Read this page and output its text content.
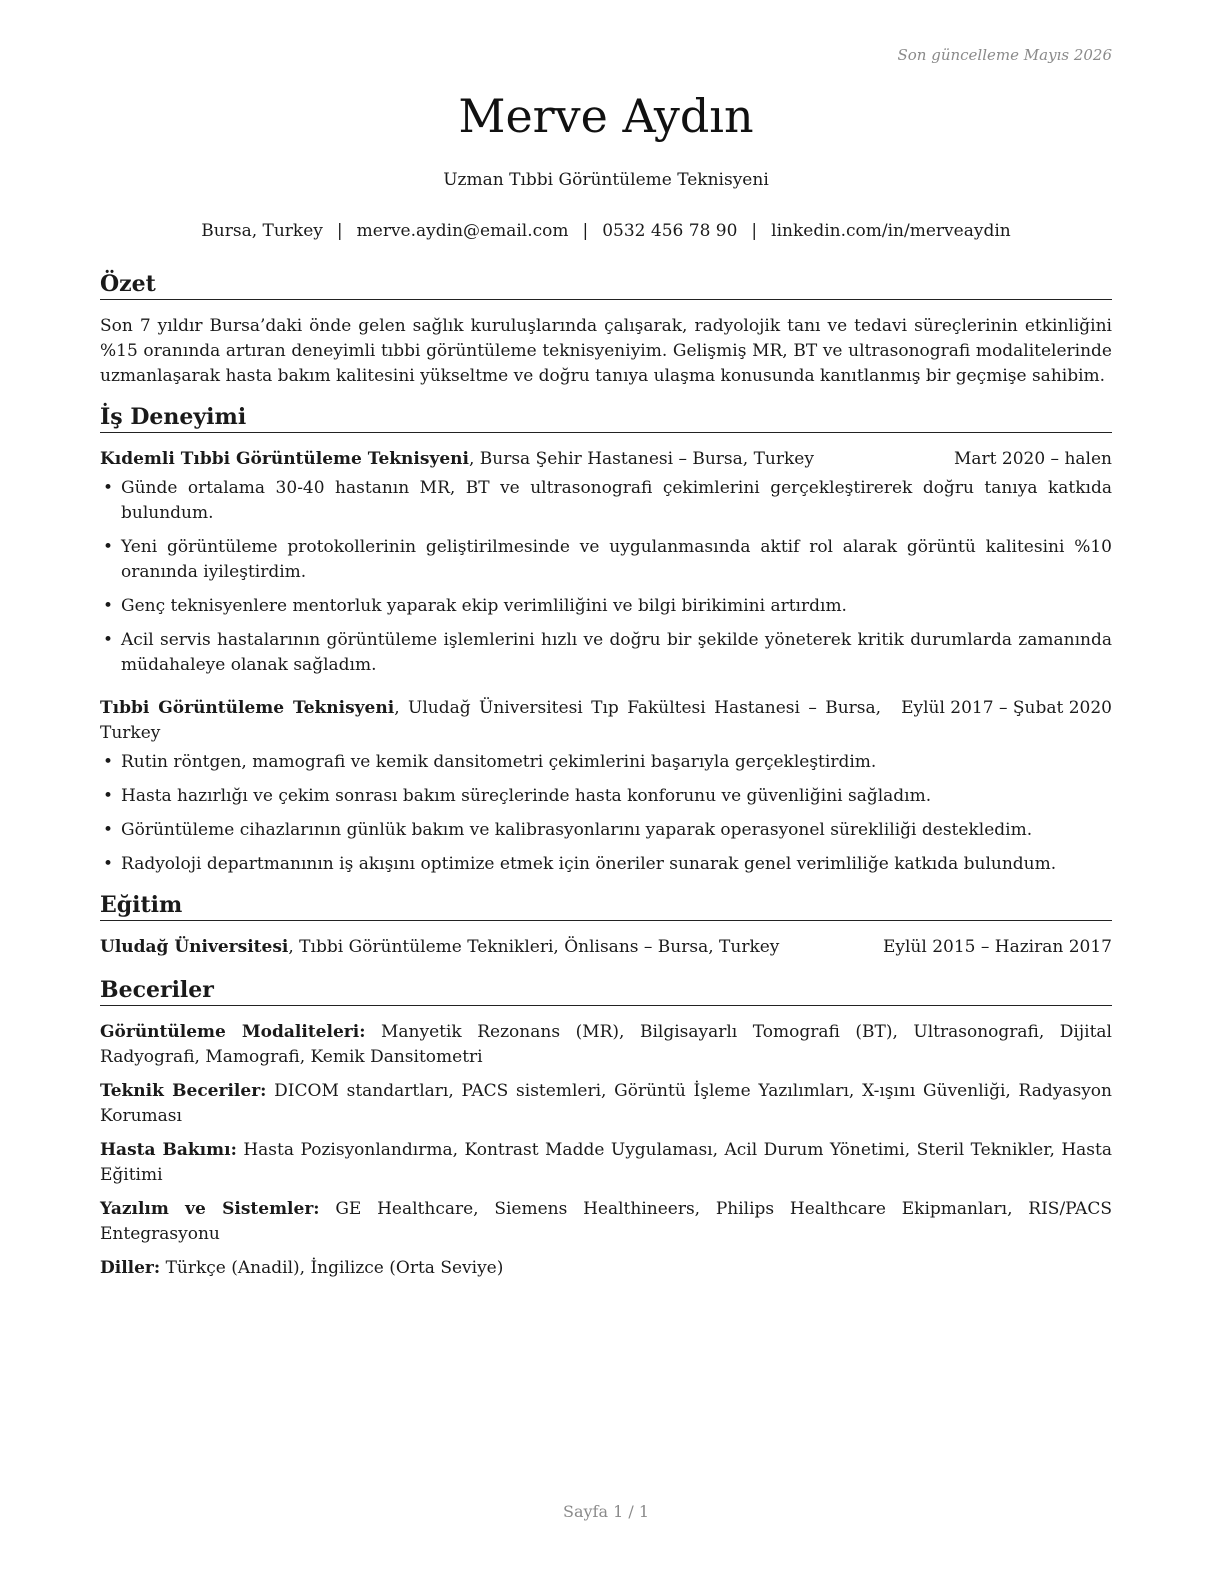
Son güncelleme Mayıs 2026
Merve Aydın
Uzman Tıbbi Görüntüleme Teknisyeni
Bursa, Turkey | merve.aydin@email.com | 0532 456 78 90 | linkedin.com/in/merveaydin
Özet
Son 7 yıldır Bursa’daki önde gelen sağlık kuruluşlarında çalışarak, radyolojik tanı ve tedavi süreçlerinin etkinliğini %15 oranında artıran deneyimli tıbbi görüntüleme teknisyeniyim. Gelişmiş MR, BT ve ultrasonografi modalitelerinde uzmanlaşarak hasta bakım kalitesini yükseltme ve doğru tanıya ulaşma konusunda kanıtlanmış bir geçmişe sahibim.
İş Deneyimi
Kıdemli Tıbbi Görüntüleme Teknisyeni, Bursa Şehir Hastanesi – Bursa, Turkey	Mart 2020 – halen
• Günde ortalama 30-40 hastanın MR, BT ve ultrasonografi çekimlerini gerçekleştirerek doğru tanıya katkıda bulundum.
• Yeni görüntüleme protokollerinin geliştirilmesinde ve uygulanmasında aktif rol alarak görüntü kalitesini %10 oranında iyileştirdim.
• Genç teknisyenlere mentorluk yaparak ekip verimliliğini ve bilgi birikimini artırdım.
• Acil servis hastalarının görüntüleme işlemlerini hızlı ve doğru bir şekilde yöneterek kritik durumlarda zamanında müdahaleye olanak sağladım.
Tıbbi Görüntüleme Teknisyeni, Uludağ Üniversitesi Tıp Fakültesi Hastanesi – Bursa, Turkey
Eylül 2017 – Şubat 2020
• Rutin röntgen, mamografi ve kemik dansitometri çekimlerini başarıyla gerçekleştirdim.
• Hasta hazırlığı ve çekim sonrası bakım süreçlerinde hasta konforunu ve güvenliğini sağladım.
• Görüntüleme cihazlarının günlük bakım ve kalibrasyonlarını yaparak operasyonel sürekliliği destekledim.
• Radyoloji departmanının iş akışını optimize etmek için öneriler sunarak genel verimliliğe katkıda bulundum.
Eğitim
Uludağ Üniversitesi, Tıbbi Görüntüleme Teknikleri, Önlisans – Bursa, Turkey	Eylül 2015 – Haziran 2017
Beceriler
Görüntüleme Modaliteleri: Manyetik Rezonans (MR), Bilgisayarlı Tomografi (BT), Ultrasonografi, Dijital Radyografi, Mamografi, Kemik Dansitometri
Teknik Beceriler: DICOM standartları, PACS sistemleri, Görüntü İşleme Yazılımları, X-ışını Güvenliği, Radyasyon Koruması
Hasta Bakımı: Hasta Pozisyonlandırma, Kontrast Madde Uygulaması, Acil Durum Yönetimi, Steril Teknikler, Hasta Eğitimi
Yazılım ve Sistemler: GE Healthcare, Siemens Healthineers, Philips Healthcare Ekipmanları, RIS/PACS Entegrasyonu
Diller: Türkçe (Anadil), İngilizce (Orta Seviye)
Sayfa 1 / 1
